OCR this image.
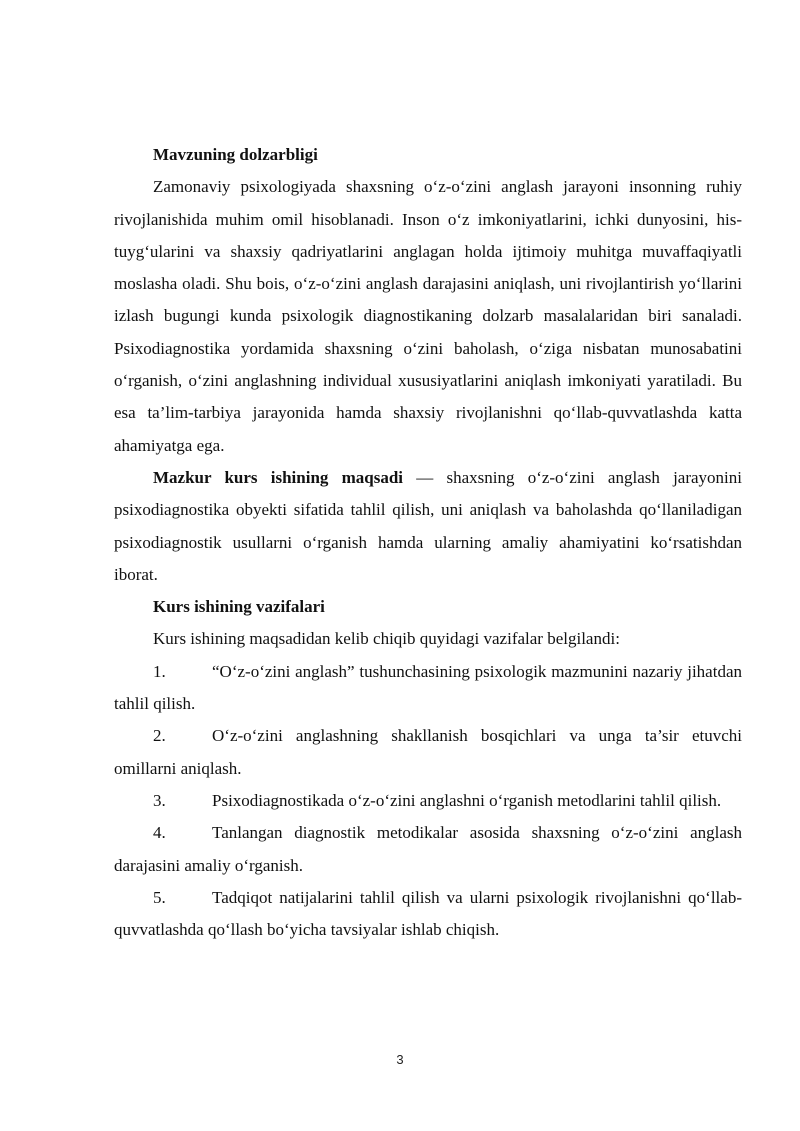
Mavzuning dolzarbligi

Zamonaviy psixologiyada shaxsning o‘z-o‘zini anglash jarayoni insonning ruhiy rivojlanishida muhim omil hisoblanadi. Inson o‘z imkoniyatlarini, ichki dunyosini, his-tuyg‘ularini va shaxsiy qadriyatlarini anglagan holda ijtimoiy muhitga muvaffaqiyatli moslasha oladi. Shu bois, o‘z-o‘zini anglash darajasini aniqlash, uni rivojlantirish yo‘llarini izlash bugungi kunda psixologik diagnostikaning dolzarb masalalaridan biri sanaladi. Psixodiagnostika yordamida shaxsning o‘zini baholash, o‘ziga nisbatan munosabatini o‘rganish, o‘zini anglashning individual xususiyatlarini aniqlash imkoniyati yaratiladi. Bu esa ta’lim-tarbiya jarayonida hamda shaxsiy rivojlanishni qo‘llab-quvvatlashda katta ahamiyatga ega.

Mazkur kurs ishining maqsadi — shaxsning o‘z-o‘zini anglash jarayonini psixodiagnostika obyekti sifatida tahlil qilish, uni aniqlash va baholashda qo‘llaniladigan psixodiagnostik usullarni o‘rganish hamda ularning amaliy ahamiyatini ko‘rsatishdan iborat.

Kurs ishining vazifalari

Kurs ishining maqsadidan kelib chiqib quyidagi vazifalar belgilandi:

1.	“O‘z-o‘zini anglash” tushunchasining psixologik mazmunini nazariy jihatdan tahlil qilish.

2.	O‘z-o‘zini anglashning shakllanish bosqichlari va unga ta’sir etuvchi omillarni aniqlash.

3.	Psixodiagnostikada o‘z-o‘zini anglashni o‘rganish metodlarini tahlil qilish.

4.	Tanlangan diagnostik metodikalar asosida shaxsning o‘z-o‘zini anglash darajasini amaliy o‘rganish.

5.	Tadqiqot natijalarini tahlil qilish va ularni psixologik rivojlanishni qo‘llab-quvvatlashda qo‘llash bo‘yicha tavsiyalar ishlab chiqish.

3
